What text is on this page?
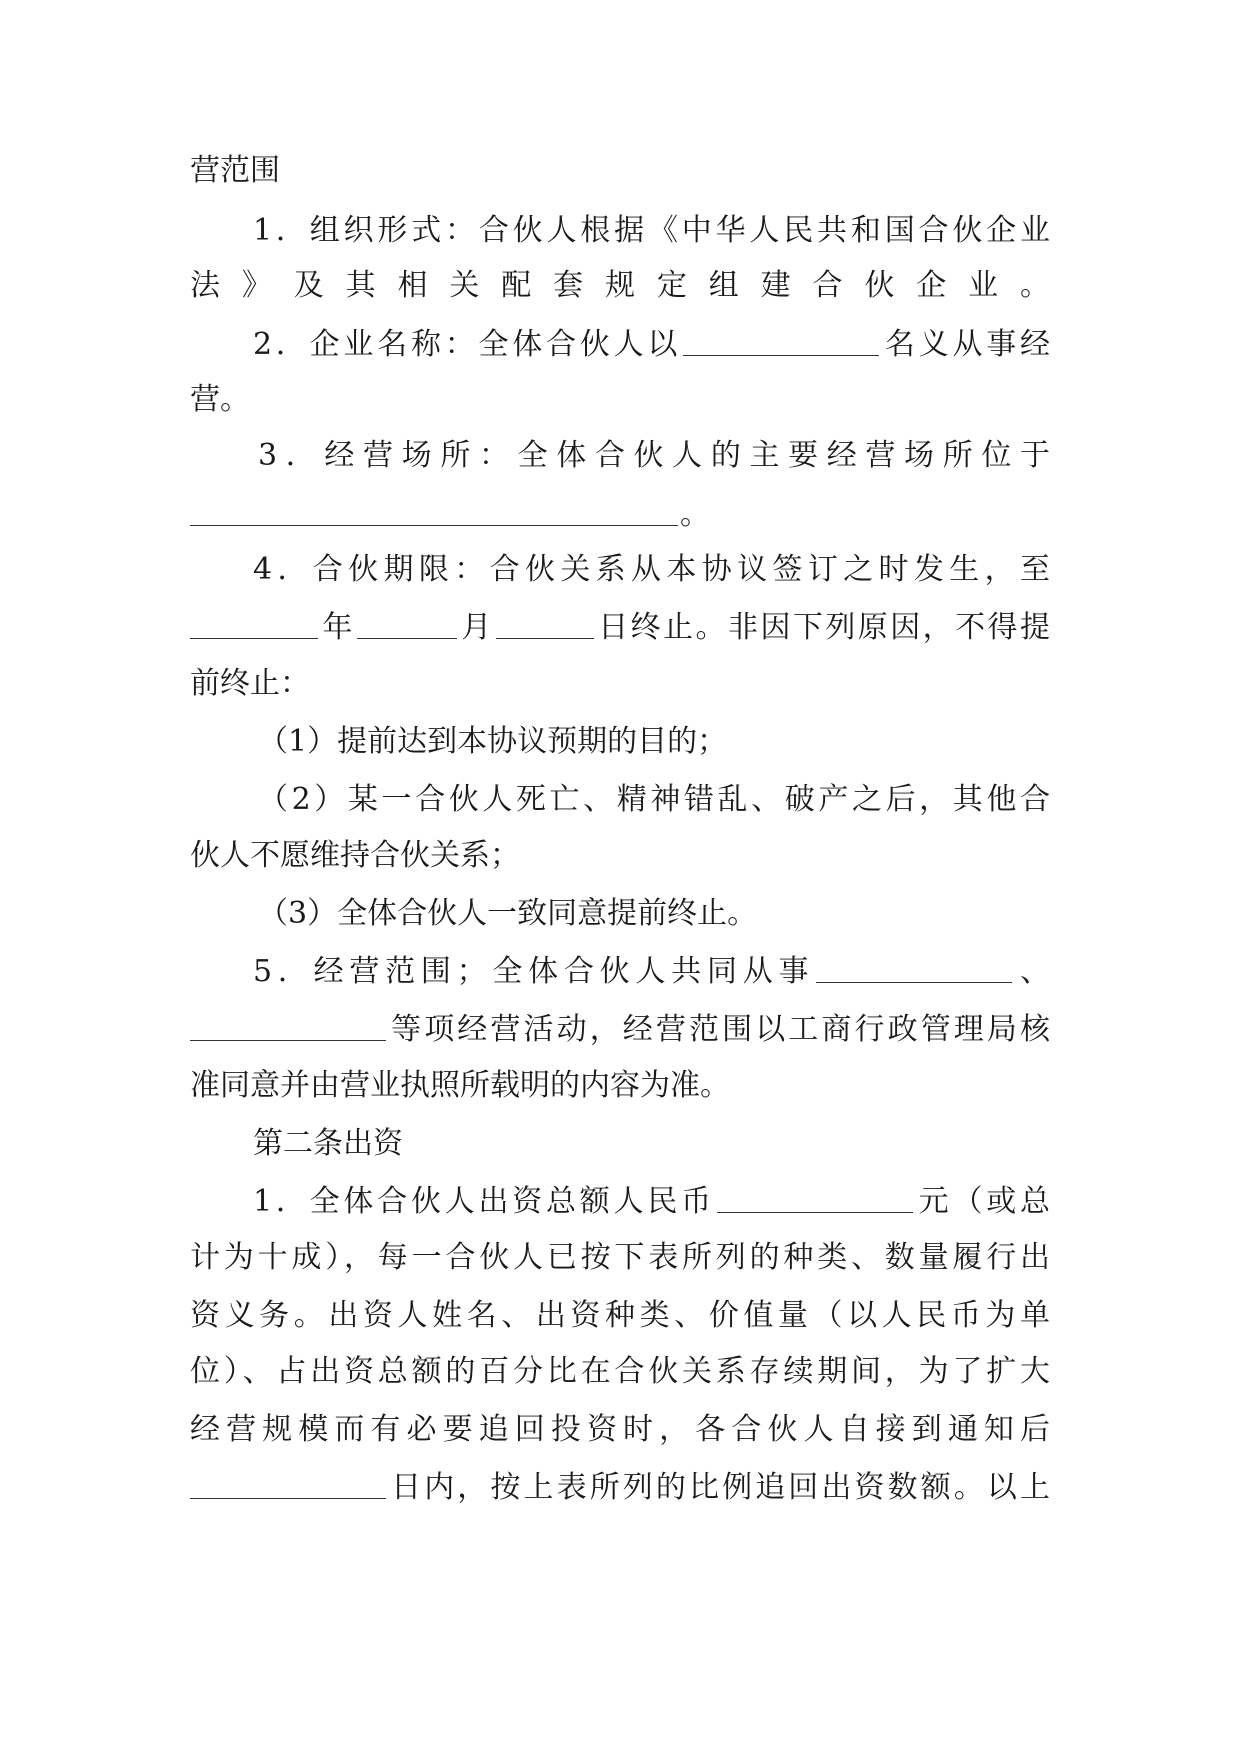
营范围
1．组织形式：合伙人根据《中华人民共和国合伙企业
法》及其相关配套规定组建合伙企业。
2．企业名称：全体合伙人以	名义从事经
营。
3．经营场所：全体合伙人的主要经营场所位于
。
4．合伙期限：合伙关系从本协议签订之时发生，至
年	月	日终止。非因下列原因，不得提
前终止：
（1）提前达到本协议预期的目的；
（2）某一合伙人死亡、精神错乱、破产之后，其他合
伙人不愿维持合伙关系；
（3）全体合伙人一致同意提前终止。
5．经营范围；全体合伙人共同从事	、
等项经营活动，经营范围以工商行政管理局核
准同意并由营业执照所载明的内容为准。
第二条出资
1．全体合伙人出资总额人民币	元（或总
计为十成），每一合伙人已按下表所列的种类、数量履行出
资义务。出资人姓名、出资种类、价值量（以人民币为单
位）、占出资总额的百分比在合伙关系存续期间，为了扩大
经营规模而有必要追回投资时，各合伙人自接到通知后
日内，按上表所列的比例追回出资数额。以上
